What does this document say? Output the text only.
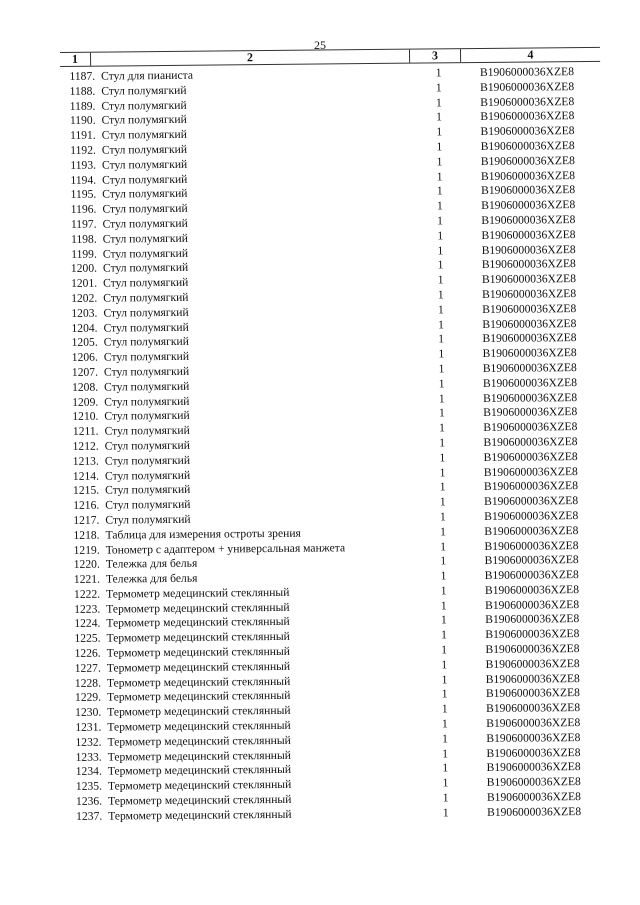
25
1	2	3	4
1187. Стул для пианиста	1	B1906000036XZE8
1188. Стул полумягкий	1	B1906000036XZE8
1189. Стул полумягкий	1	B1906000036XZE8
1190. Стул полумягкий	1	B1906000036XZE8
1191. Стул полумягкий	1	B1906000036XZE8
1192. Стул полумягкий	1	B1906000036XZE8
1193. Стул полумягкий	1	B1906000036XZE8
1194. Стул полумягкий	1	B1906000036XZE8
1195. Стул полумягкий	1	B1906000036XZE8
1196. Стул полумягкий	1	B1906000036XZE8
1197. Стул полумягкий	1	B1906000036XZE8
1198. Стул полумягкий	1	B1906000036XZE8
1199. Стул полумягкий	1	B1906000036XZE8
1200. Стул полумягкий	1	B1906000036XZE8
1201. Стул полумягкий	1	B1906000036XZE8
1202. Стул полумягкий	1	B1906000036XZE8
1203. Стул полумягкий	1	B1906000036XZE8
1204. Стул полумягкий	1	B1906000036XZE8
1205. Стул полумягкий	1	B1906000036XZE8
1206. Стул полумягкий	1	B1906000036XZE8
1207. Стул полумягкий	1	B1906000036XZE8
1208. Стул полумягкий	1	B1906000036XZE8
1209. Стул полумягкий	1	B1906000036XZE8
1210. Стул полумягкий	1	B1906000036XZE8
1211. Стул полумягкий	1	B1906000036XZE8
1212. Стул полумягкий	1	B1906000036XZE8
1213. Стул полумягкий	1	B1906000036XZE8
1214. Стул полумягкий	1	B1906000036XZE8
1215. Стул полумягкий	1	B1906000036XZE8
1216. Стул полумягкий	1	B1906000036XZE8
1217. Стул полумягкий	1	B1906000036XZE8
1218. Таблица для измерения остроты зрения	1	B1906000036XZE8
1219. Тонометр с адаптером + универсальная манжета	1	B1906000036XZE8
1220. Тележка для белья	1	B1906000036XZE8
1221. Тележка для белья	1	B1906000036XZE8
1222. Термометр медецинский стеклянный	1	B1906000036XZE8
1223. Термометр медецинский стеклянный	1	B1906000036XZE8
1224. Термометр медецинский стеклянный	1	B1906000036XZE8
1225. Термометр медецинский стеклянный	1	B1906000036XZE8
1226. Термометр медецинский стеклянный	1	B1906000036XZE8
1227. Термометр медецинский стеклянный	1	B1906000036XZE8
1228. Термометр медецинский стеклянный	1	B1906000036XZE8
1229. Термометр медецинский стеклянный	1	B1906000036XZE8
1230. Термометр медецинский стеклянный	1	B1906000036XZE8
1231. Термометр медецинский стеклянный	1	B1906000036XZE8
1232. Термометр медецинский стеклянный	1	B1906000036XZE8
1233. Термометр медецинский стеклянный	1	B1906000036XZE8
1234. Термометр медецинский стеклянный	1	B1906000036XZE8
1235. Термометр медецинский стеклянный	1	B1906000036XZE8
1236. Термометр медецинский стеклянный	1	B1906000036XZE8
1237. Термометр медецинский стеклянный	1	B1906000036XZE8
